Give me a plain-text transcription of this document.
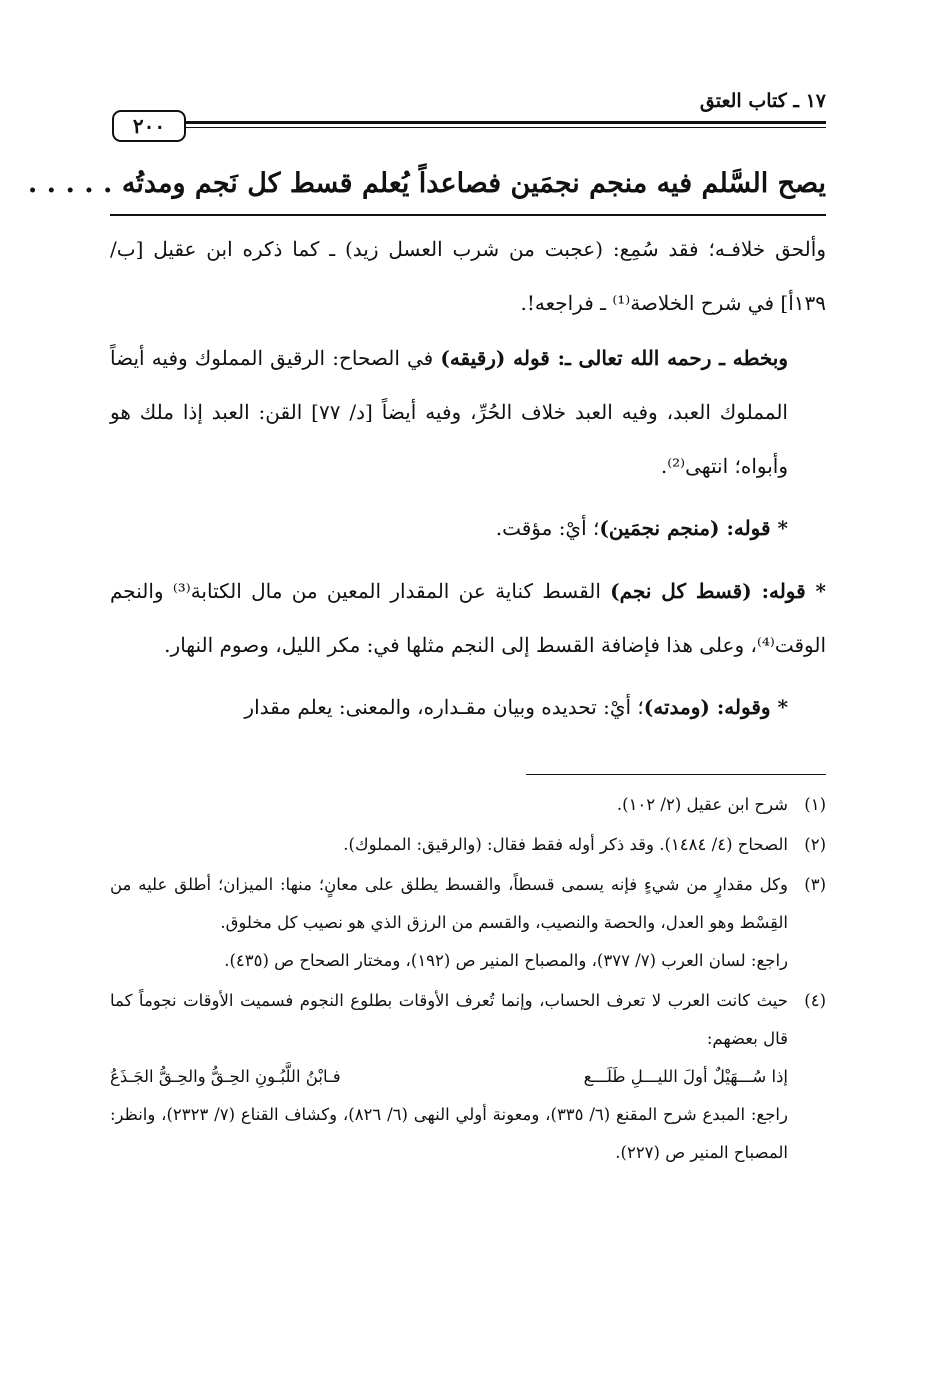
١٧ ـ كتاب العتق
٢٠٠
يصح السَّلم فيه منجم نجمَين فصاعداً يُعلم قسط كل نَجم ومدتُه . . . . .

وألحق خلافـه؛ فقد سُمِع: (عجبت من شرب العسل زيد) ـ كما ذكره ابن عقيل [ب/ ١٣٩أ] في شرح الخلاصة⁽¹⁾ ـ فراجعه!.

وبخطه ـ رحمه الله تعالى ـ: قوله (رقيقه) في الصحاح: الرقيق المملوك وفيه أيضاً المملوك العبد، وفيه العبد خلاف الحُرِّ، وفيه أيضاً [د/ ٧٧] القن: العبد إذا ملك هو وأبواه؛ انتهى⁽²⁾.

* قوله: (منجم نجمَين)؛ أيْ: مؤقت.

* قوله: (قسط كل نجم) القسط كناية عن المقدار المعين من مال الكتابة⁽³⁾ والنجم الوقت⁽⁴⁾، وعلى هذا فإضافة القسط إلى النجم مثلها في: مكر الليل، وصوم النهار.

* وقوله: (ومدته)؛ أيْ: تحديده وبيان مقـداره، والمعنى: يعلم مقدار

(١)

شرح ابن عقيل (٢/ ١٠٢).

(٢)

الصحاح (٤/ ١٤٨٤). وقد ذكر أوله فقط فقال: (والرقيق: المملوك).

(٣)

وكل مقدارٍ من شيءٍ فإنه يسمى قسطاً، والقسط يطلق على معانٍ؛ منها: الميزان؛ أطلق عليه من القِسْط وهو العدل، والحصة والنصيب، والقسم من الرزق الذي هو نصيب كل مخلوق.

راجع: لسان العرب (٧/ ٣٧٧)، والمصباح المنير ص (١٩٢)، ومختار الصحاح ص (٤٣٥).

(٤)

حيث كانت العرب لا تعرف الحساب، وإنما تُعرف الأوقات بطلوع النجوم فسميت الأوقات نجوماً كما قال بعضهم:

إذا سُـــهَيْلٌ أولَ الليـــلِ طَلَـــع
فـابْنُ اللَّبُـونِ الحِـقُّ والحِـقُّ الجَـذَعُ

راجع: المبدع شرح المقنع (٦/ ٣٣٥)، ومعونة أولي النهى (٦/ ٨٢٦)، وكشاف القناع (٧/ ٢٣٢٣)، وانظر: المصباح المنير ص (٢٢٧).
